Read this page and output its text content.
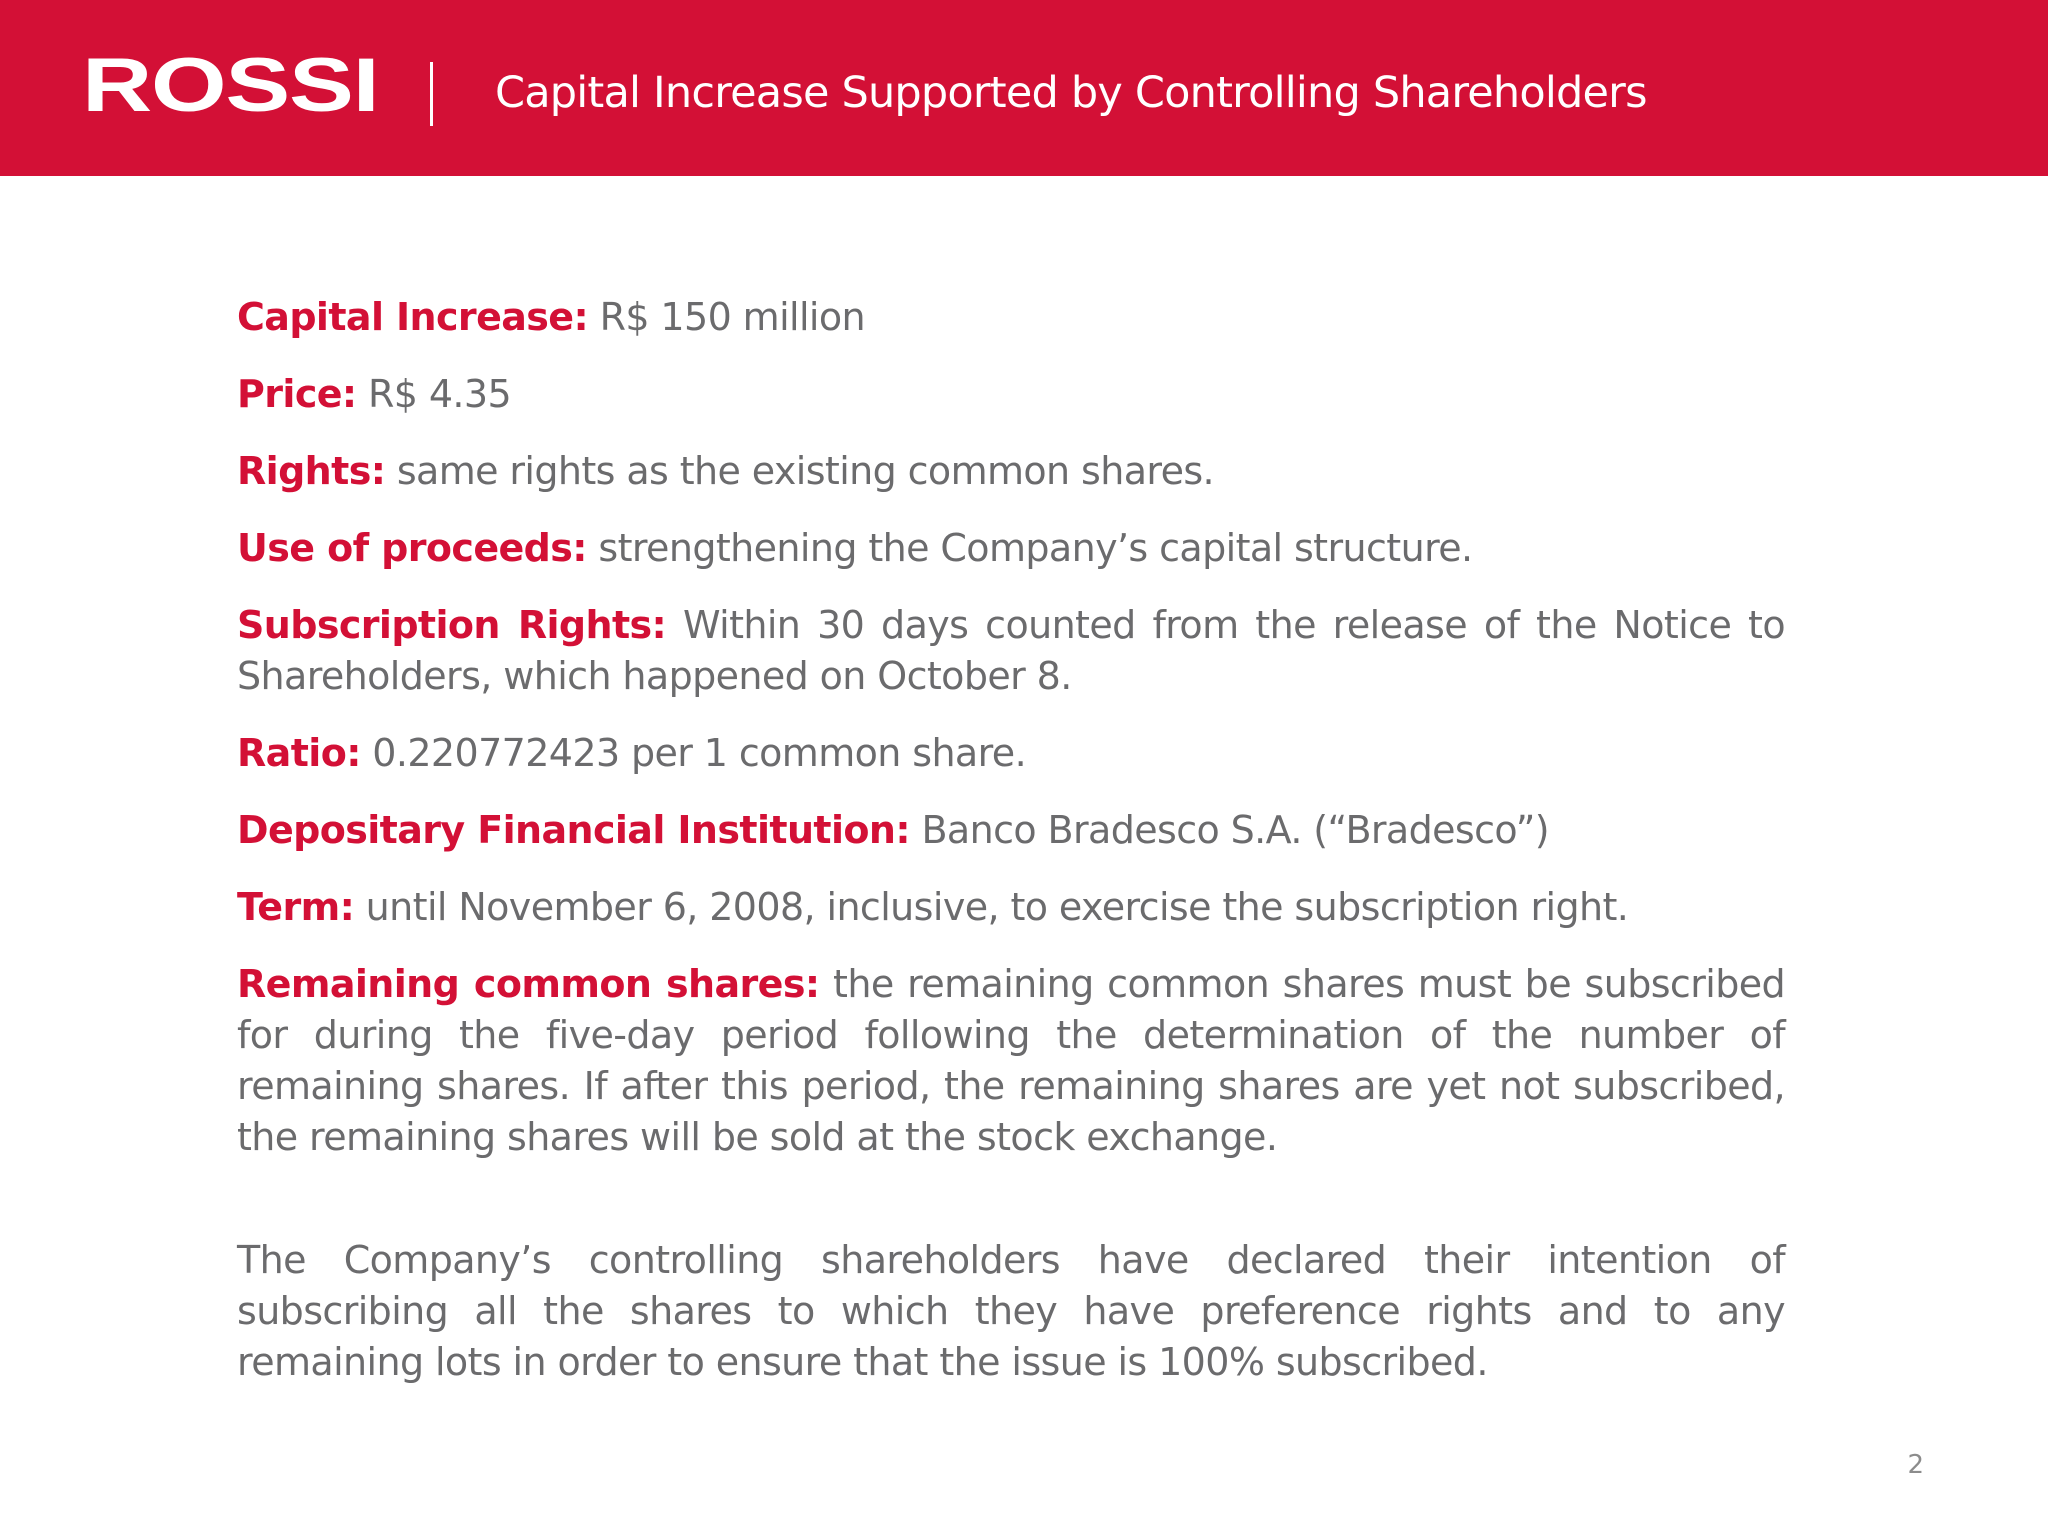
ROSSI	Capital Increase Supported by Controlling Shareholders

Capital Increase: R$ 150 million

Price: R$ 4.35

Rights: same rights as the existing common shares.

Use of proceeds: strengthening the Company’s capital structure.

Subscription Rights: Within 30 days counted from the release of the Notice to Shareholders, which happened on October 8.

Ratio: 0.220772423 per 1 common share.

Depositary Financial Institution: Banco Bradesco S.A. (“Bradesco”)

Term: until November 6, 2008, inclusive, to exercise the subscription right.

Remaining common shares: the remaining common shares must be subscribed for during the five-day period following the determination of the number of remaining shares. If after this period, the remaining shares are yet not subscribed, the remaining shares will be sold at the stock exchange.

The Company’s controlling shareholders have declared their intention of subscribing all the shares to which they have preference rights and to any remaining lots in order to ensure that the issue is 100% subscribed.

2
